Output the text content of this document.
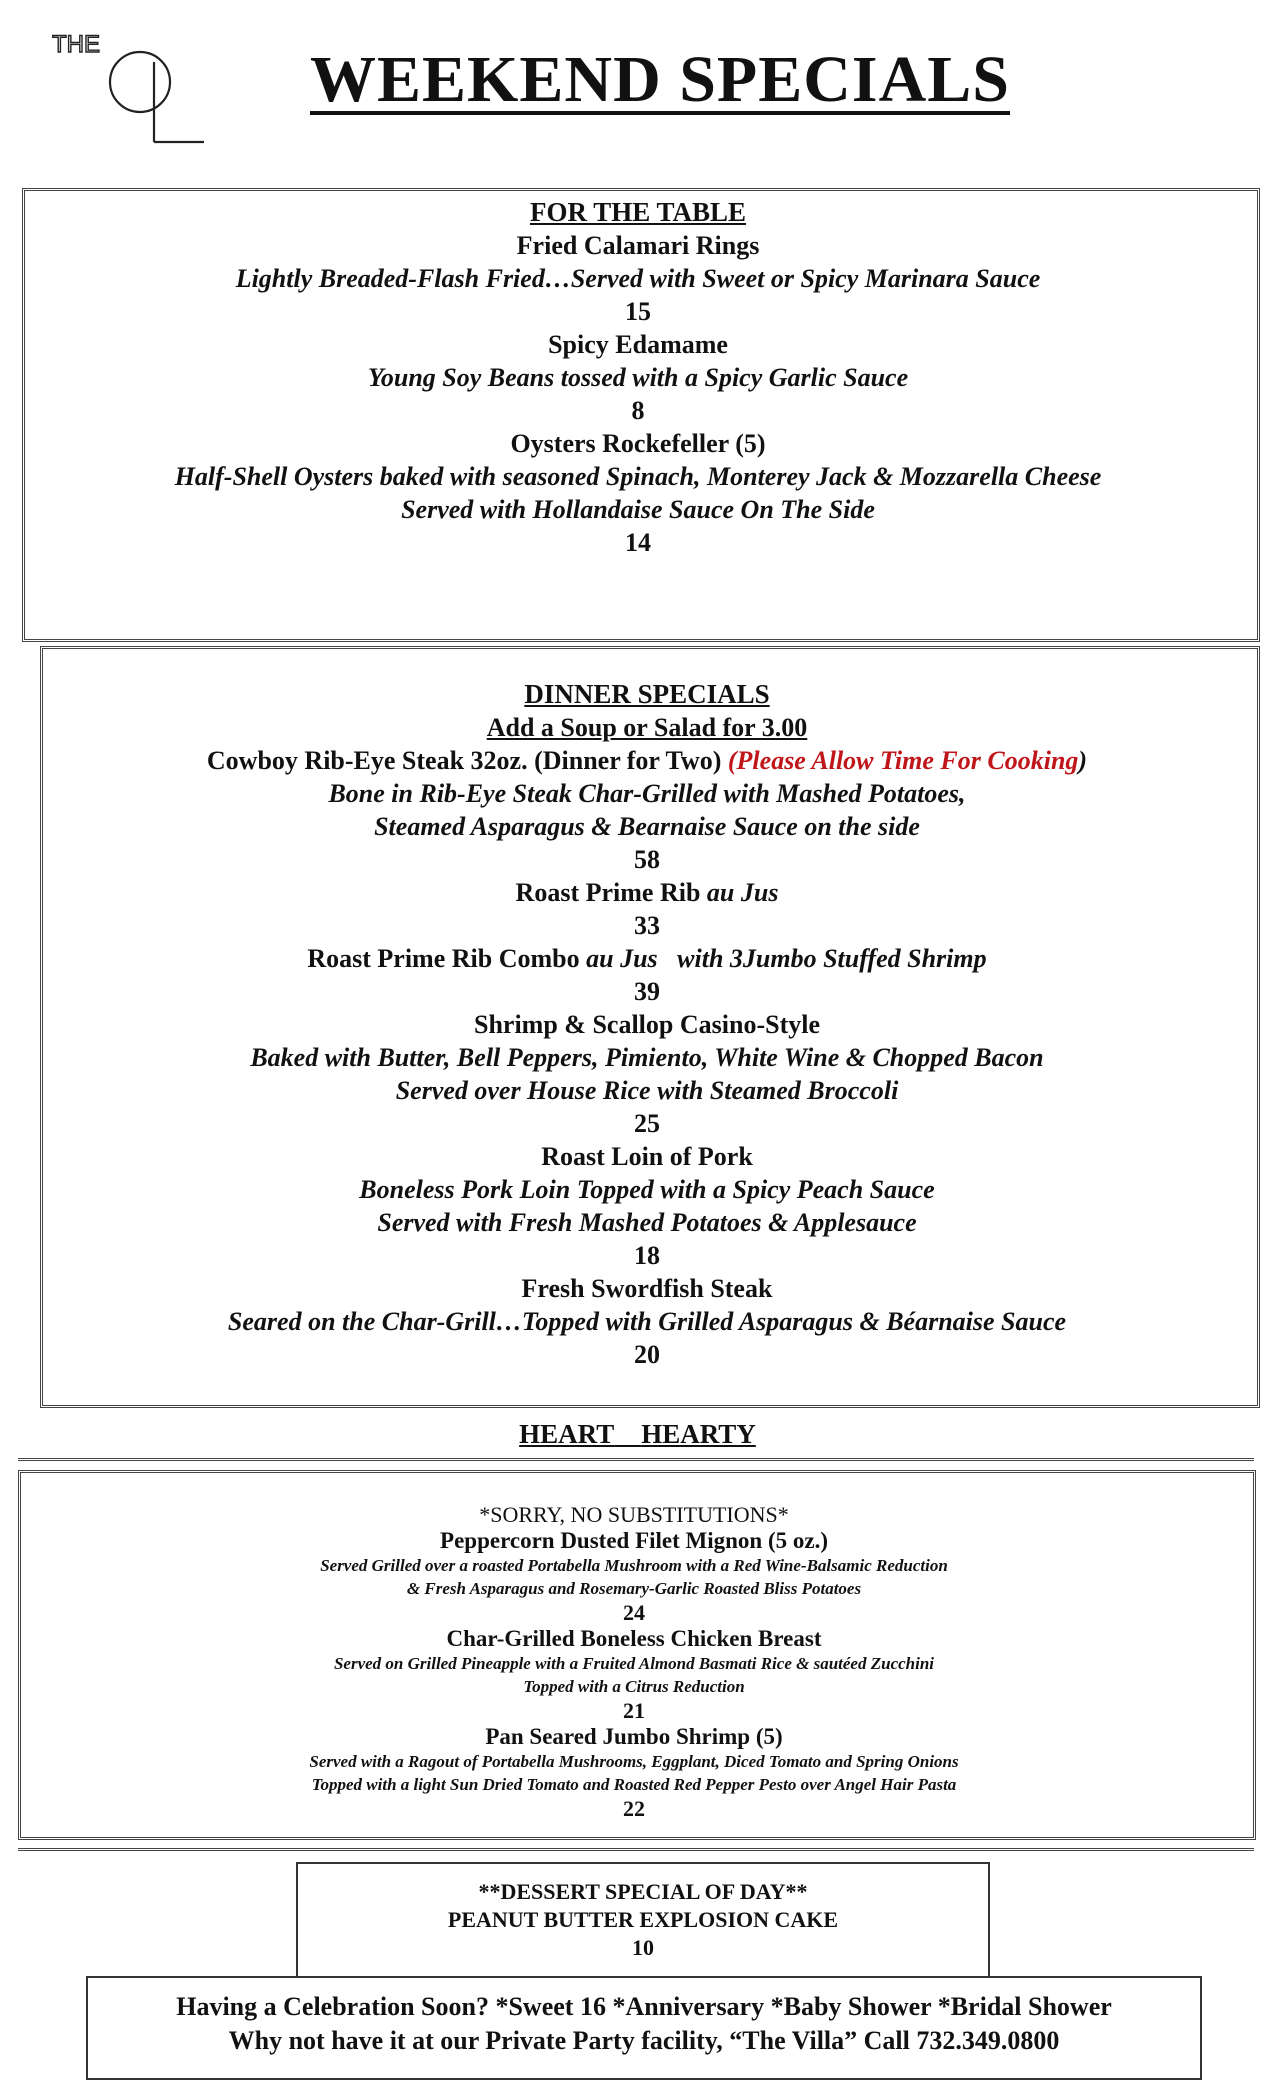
THE	WEEKEND SPECIALS
FOR THE TABLE
Fried Calamari Rings
Lightly Breaded-Flash Fried…Served with Sweet or Spicy Marinara Sauce
15
Spicy Edamame
Young Soy Beans tossed with a Spicy Garlic Sauce
8
Oysters Rockefeller (5)
Half-Shell Oysters baked with seasoned Spinach, Monterey Jack & Mozzarella Cheese
Served with Hollandaise Sauce On The Side
14
DINNER SPECIALS
Add a Soup or Salad for 3.00
Cowboy Rib-Eye Steak 32oz. (Dinner for Two) (Please Allow Time For Cooking)
Bone in Rib-Eye Steak Char-Grilled with Mashed Potatoes,
Steamed Asparagus & Bearnaise Sauce on the side
58
Roast Prime Rib au Jus
33
Roast Prime Rib Combo au Jus   with 3Jumbo Stuffed Shrimp
39
Shrimp & Scallop Casino-Style
Baked with Butter, Bell Peppers, Pimiento, White Wine & Chopped Bacon
Served over House Rice with Steamed Broccoli
25
Roast Loin of Pork
Boneless Pork Loin Topped with a Spicy Peach Sauce
Served with Fresh Mashed Potatoes & Applesauce
18
Fresh Swordfish Steak
Seared on the Char-Grill…Topped with Grilled Asparagus & Béarnaise Sauce
20
HEART HEARTY
*SORRY, NO SUBSTITUTIONS*
Peppercorn Dusted Filet Mignon (5 oz.)
Served Grilled over a roasted Portabella Mushroom with a Red Wine-Balsamic Reduction
& Fresh Asparagus and Rosemary-Garlic Roasted Bliss Potatoes
24
Char-Grilled Boneless Chicken Breast
Served on Grilled Pineapple with a Fruited Almond Basmati Rice & sautéed Zucchini
Topped with a Citrus Reduction
21
Pan Seared Jumbo Shrimp (5)
Served with a Ragout of Portabella Mushrooms, Eggplant, Diced Tomato and Spring Onions
Topped with a light Sun Dried Tomato and Roasted Red Pepper Pesto over Angel Hair Pasta
22
**DESSERT SPECIAL OF DAY**
PEANUT BUTTER EXPLOSION CAKE
10
Having a Celebration Soon? *Sweet 16 *Anniversary *Baby Shower *Bridal Shower
Why not have it at our Private Party facility, “The Villa” Call 732.349.0800
